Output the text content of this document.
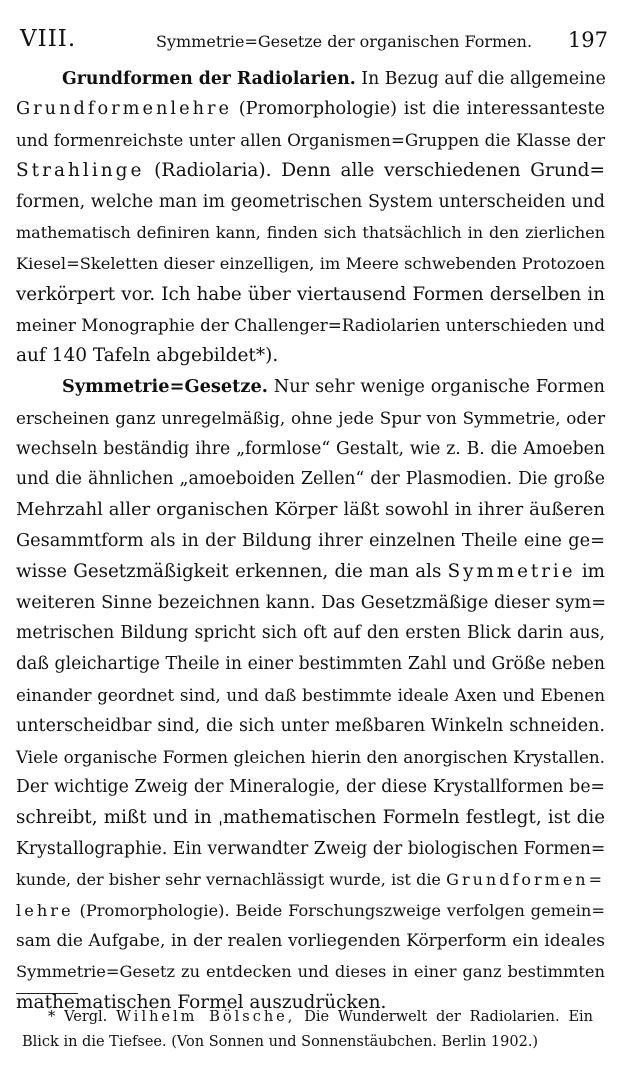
VIII.	Symmetrie=Gesetze der organischen Formen. 197
Grundformen der Radiolarien. In Bezug auf die allgemeine
Grundformenlehre (Promorphologie) ist die interessanteste
und formenreichste unter allen Organismen=Gruppen die Klasse der
Strahlinge (Radiolaria). Denn alle verschiedenen Grund=
formen, welche man im geometrischen System unterscheiden und
mathematisch definiren kann, finden sich thatsächlich in den zierlichen
Kiesel=Skeletten dieser einzelligen, im Meere schwebenden Protozoen
verkörpert vor. Ich habe über viertausend Formen derselben in
meiner Monographie der Challenger=Radiolarien unterschieden und
auf 140 Tafeln abgebildet*).
Symmetrie=Gesetze. Nur sehr wenige organische Formen
erscheinen ganz unregelmäßig, ohne jede Spur von Symmetrie, oder
wechseln beständig ihre „formlose“ Gestalt, wie z. B. die Amoeben
und die ähnlichen „amoeboiden Zellen“ der Plasmodien. Die große
Mehrzahl aller organischen Körper läßt sowohl in ihrer äußeren
Gesammtform als in der Bildung ihrer einzelnen Theile eine ge=
wisse Gesetzmäßigkeit erkennen, die man als Symmetrie im
weiteren Sinne bezeichnen kann. Das Gesetzmäßige dieser sym=
metrischen Bildung spricht sich oft auf den ersten Blick darin aus,
daß gleichartige Theile in einer bestimmten Zahl und Größe neben
einander geordnet sind, und daß bestimmte ideale Axen und Ebenen
unterscheidbar sind, die sich unter meßbaren Winkeln schneiden.
Viele organische Formen gleichen hierin den anorgischen Krystallen.
Der wichtige Zweig der Mineralogie, der diese Krystallformen be=
schreibt, mißt und in ˌmathematischen Formeln festlegt, ist die
Krystallographie. Ein verwandter Zweig der biologischen Formen=
kunde, der bisher sehr vernachlässigt wurde, ist die Grundformen=
lehre (Promorphologie). Beide Forschungszweige verfolgen gemein=
sam die Aufgabe, in der realen vorliegenden Körperform ein ideales
Symmetrie=Gesetz zu entdecken und dieses in einer ganz bestimmten
mathematischen Formel auszudrücken.
* Vergl. Wilhelm Bölsche, Die Wunderwelt der Radiolarien. Ein
Blick in die Tiefsee. (Von Sonnen und Sonnenstäubchen. Berlin 1902.)
